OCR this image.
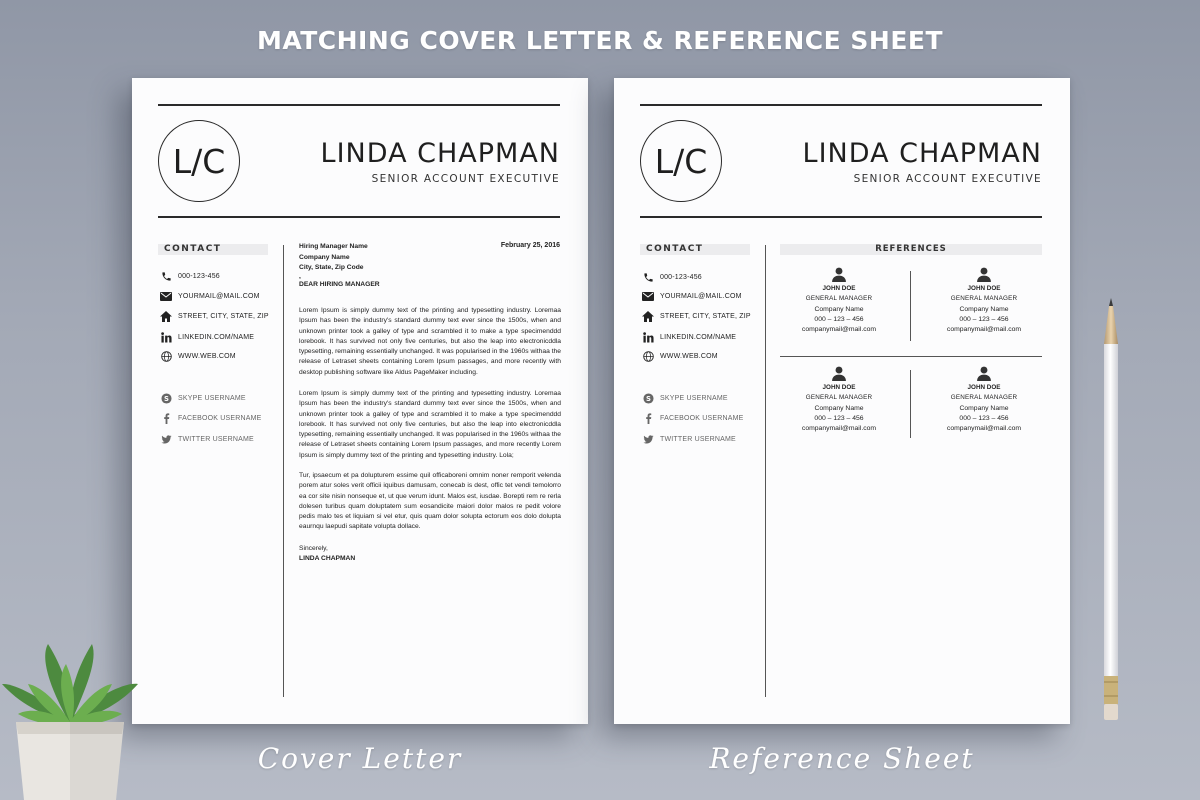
MATCHING COVER LETTER & REFERENCE SHEET
L/C	LINDA CHAPMAN
SENIOR ACCOUNT EXECUTIVE
CONTACT
000-123-456
YOURMAIL@MAIL.COM
STREET, CITY, STATE, ZIP
LINKEDIN.COM/NAME
WWW.WEB.COM
S SKYPE USERNAME
FACEBOOK USERNAME
TWITTER USERNAME
Hiring Manager Name
Company Name
City, State, Zip Code
,
DEAR HIRING MANAGER
February 25, 2016
Lorem Ipsum is simply dummy text of the printing and typesetting industry. Loremaa Ipsum has been the industry's standard dummy text ever since the 1500s, when and unknown printer took a galley of type and scrambled it to make a type specimenddd lorebook. It has survived not only five centuries, but also the leap into electronicddla typesetting, remaining essentially unchanged. It was popularised in the 1960s withaa the release of Letraset sheets containing Lorem Ipsum passages, and more recently with desktop publishing software like Aldus PageMaker including.
Lorem Ipsum is simply dummy text of the printing and typesetting industry. Loremaa Ipsum has been the industry's standard dummy text ever since the 1500s, when and unknown printer took a galley of type and scrambled it to make a type specimenddd lorebook. It has survived not only five centuries, but also the leap into electronicddla typesetting, remaining essentially unchanged. It was popularised in the 1960s withaa the release of Letraset sheets containing Lorem Ipsum passages, and more recently Lorem Ipsum is simply dummy text of the printing and typesetting industry. Lola;
Tur, ipsaecum et pa dolupturem essime quil officaboreni omnim noner remporit velenda porem atur soles verit officii iquibus damusam, conecab is dest, offic tet vendi temolorro ea cor site nisin nonseque et, ut que verum idunt. Malos est, iusdae. Borepti rem re rerla dolesen turibus quam doluptatem sum eosandicite maiori dolor malos re pedit volore pedis malo tes et liquiam si vel etur, quis quam dolor solupta ectorum eos dolo dolupta eaurnqu laepudi sapitate volupta dollace.
Sincerely,
LINDA CHAPMAN
L/C	LINDA CHAPMAN
SENIOR ACCOUNT EXECUTIVE
CONTACT
000-123-456
YOURMAIL@MAIL.COM
STREET, CITY, STATE, ZIP
LINKEDIN.COM/NAME
WWW.WEB.COM
S SKYPE USERNAME
FACEBOOK USERNAME
TWITTER USERNAME
REFERENCES
JOHN DOE
GENERAL MANAGER
Company Name
000 – 123 – 456
companymail@mail.com
JOHN DOE
GENERAL MANAGER
Company Name
000 – 123 – 456
companymail@mail.com
JOHN DOE
GENERAL MANAGER
Company Name
000 – 123 – 456
companymail@mail.com
JOHN DOE
GENERAL MANAGER
Company Name
000 – 123 – 456
companymail@mail.com
Cover Letter	Reference Sheet
